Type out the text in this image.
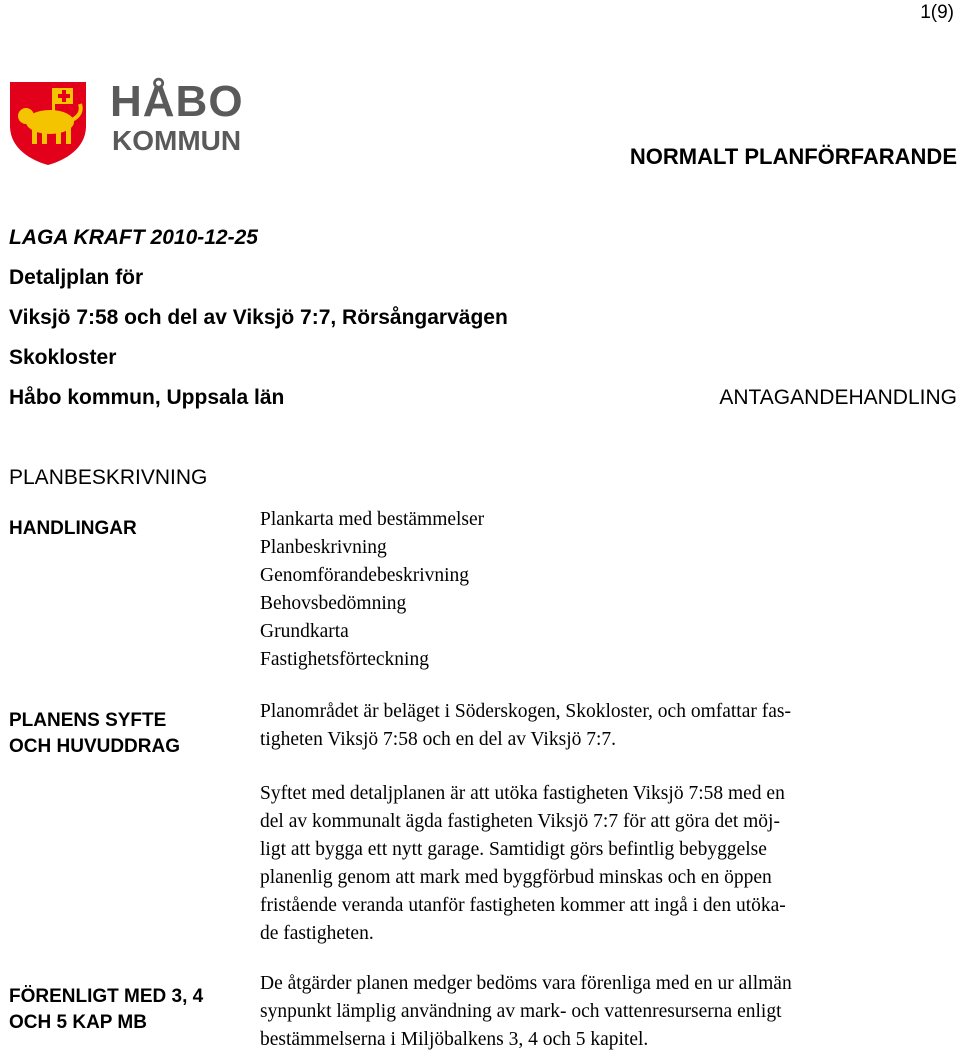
1(9)
HÅBO
KOMMUN
NORMALT PLANFÖRFARANDE
LAGA KRAFT 2010-12-25
Detaljplan för
Viksjö 7:58 och del av Viksjö 7:7, Rörsångarvägen
Skokloster
Håbo kommun, Uppsala län	ANTAGANDEHANDLING
PLANBESKRIVNING
HANDLINGAR	Plankarta med bestämmelser
Planbeskrivning
Genomförandebeskrivning
Behovsbedömning
Grundkarta
Fastighetsförteckning
PLANENS SYFTE
OCH HUVUDDRAG
Planområdet är beläget i Söderskogen, Skokloster, och omfattar fas-
tigheten Viksjö 7:58 och en del av Viksjö 7:7.
Syftet med detaljplanen är att utöka fastigheten Viksjö 7:58 med en
del av kommunalt ägda fastigheten Viksjö 7:7 för att göra det möj-
ligt att bygga ett nytt garage. Samtidigt görs befintlig bebyggelse
planenlig genom att mark med byggförbud minskas och en öppen
fristående veranda utanför fastigheten kommer att ingå i den utöka-
de fastigheten.
FÖRENLIGT MED 3, 4
OCH 5 KAP MB
De åtgärder planen medger bedöms vara förenliga med en ur allmän
synpunkt lämplig användning av mark- och vattenresurserna enligt
bestämmelserna i Miljöbalkens 3, 4 och 5 kapitel.
